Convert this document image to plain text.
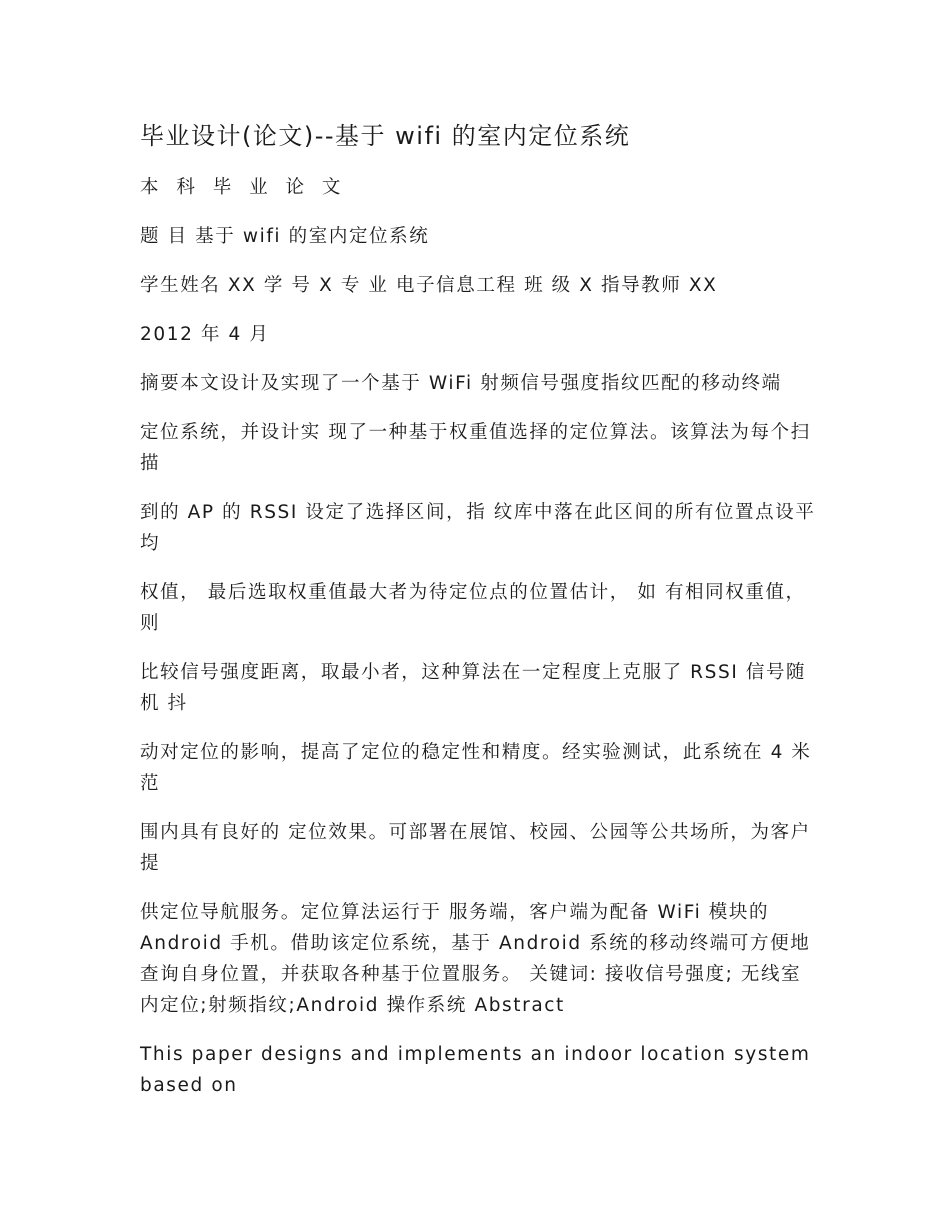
毕业设计(论文)--基于 wifi 的室内定位系统
本 科 毕 业 论 文
题 目 基于 wifi 的室内定位系统
学生姓名 XX 学 号 X 专 业 电子信息工程 班 级 X 指导教师 XX
2012 年 4 月
摘要本文设计及实现了一个基于 WiFi 射频信号强度指纹匹配的移动终端
定位系统，并设计实 现了一种基于权重值选择的定位算法。该算法为每个扫描
到的 AP 的 RSSI 设定了选择区间，指 纹库中落在此区间的所有位置点设平均
权值， 最后选取权重值最大者为待定位点的位置估计， 如 有相同权重值，则
比较信号强度距离，取最小者，这种算法在一定程度上克服了 RSSI 信号随机 抖
动对定位的影响，提高了定位的稳定性和精度。经实验测试，此系统在 4 米范
围内具有良好的 定位效果。可部署在展馆、校园、公园等公共场所，为客户提
供定位导航服务。定位算法运行于 服务端，客户端为配备 WiFi 模块的 Android 手机。借助该定位系统，基于 Android 系统的移动终端可方便地查询自身位置，并获取各种基于位置服务。 关键词: 接收信号强度; 无线室内定位;射频指纹;Android 操作系统 Abstract
This paper designs and implements an indoor location system based on
